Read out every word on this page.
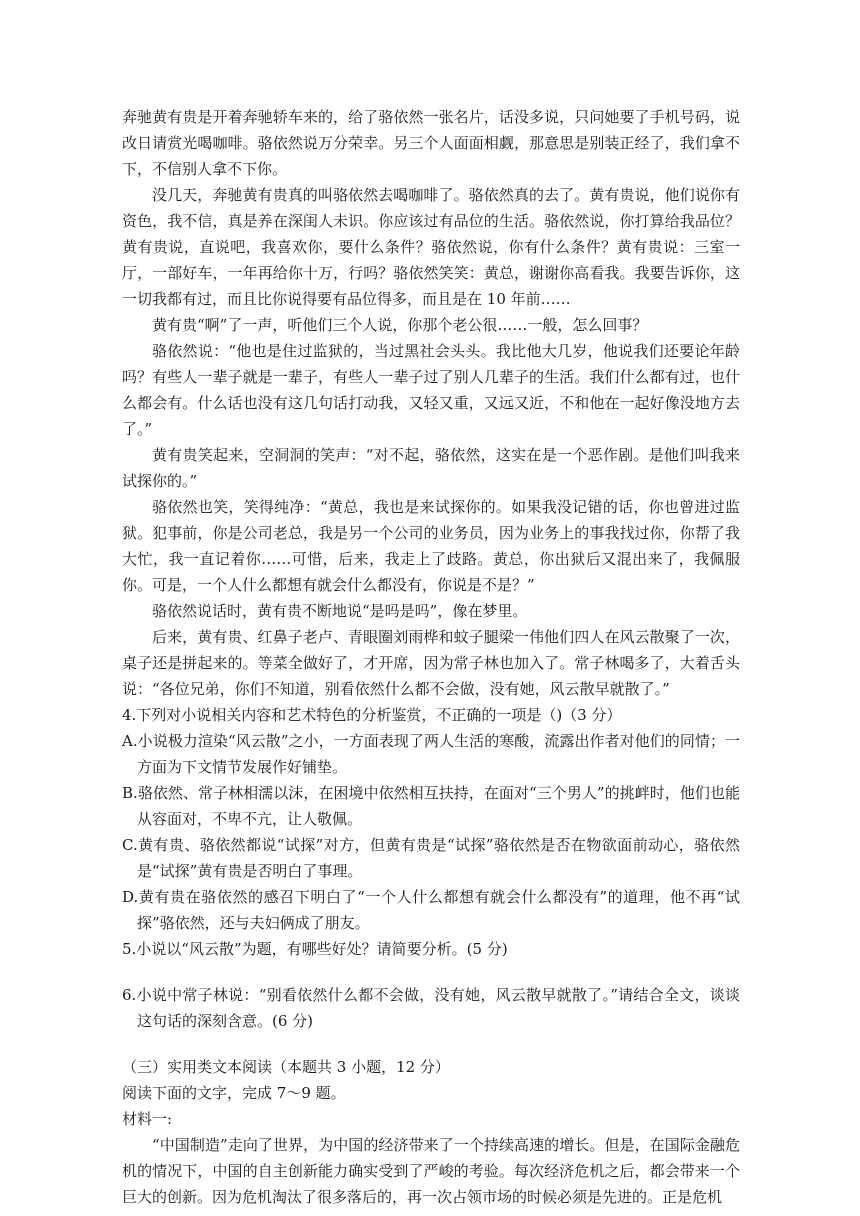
奔驰黄有贵是开着奔驰轿车来的，给了骆依然一张名片，话没多说，只问她要了手机号码，说改日请赏光喝咖啡。骆依然说万分荣幸。另三个人面面相觑，那意思是别装正经了，我们拿不下，不信别人拿不下你。

没几天，奔驰黄有贵真的叫骆依然去喝咖啡了。骆依然真的去了。黄有贵说，他们说你有资色，我不信，真是养在深闺人未识。你应该过有品位的生活。骆依然说，你打算给我品位？黄有贵说，直说吧，我喜欢你，要什么条件？骆依然说，你有什么条件？黄有贵说：三室一厅，一部好车，一年再给你十万，行吗？骆依然笑笑：黄总，谢谢你高看我。我要告诉你，这一切我都有过，而且比你说得要有品位得多，而且是在 10 年前……

黄有贵“啊”了一声，听他们三个人说，你那个老公很……一般，怎么回事？

骆依然说：“他也是住过监狱的，当过黑社会头头。我比他大几岁，他说我们还要论年龄吗？有些人一辈子就是一辈子，有些人一辈子过了别人几辈子的生活。我们什么都有过，也什么都会有。什么话也没有这几句话打动我，又轻又重，又远又近，不和他在一起好像没地方去了。”

黄有贵笑起来，空洞洞的笑声：“对不起，骆依然，这实在是一个恶作剧。是他们叫我来试探你的。”

骆依然也笑，笑得纯净：“黄总，我也是来试探你的。如果我没记错的话，你也曾进过监狱。犯事前，你是公司老总，我是另一个公司的业务员，因为业务上的事我找过你，你帮了我大忙，我一直记着你……可惜，后来，我走上了歧路。黄总，你出狱后又混出来了，我佩服你。可是，一个人什么都想有就会什么都没有，你说是不是？”

骆依然说话时，黄有贵不断地说“是吗是吗”，像在梦里。

后来，黄有贵、红鼻子老卢、青眼圈刘雨桦和蚊子腿梁一伟他们四人在风云散聚了一次，桌子还是拼起来的。等菜全做好了，才开席，因为常子林也加入了。常子林喝多了，大着舌头说：“各位兄弟，你们不知道，别看依然什么都不会做，没有她，风云散早就散了。”

4.下列对小说相关内容和艺术特色的分析鉴赏，不正确的一项是（)（3 分）

A.小说极力渲染“风云散”之小，一方面表现了两人生活的寒酸，流露出作者对他们的同情；一方面为下文情节发展作好铺垫。

B.骆依然、常子林相濡以沫，在困境中依然相互扶持，在面对“三个男人”的挑衅时，他们也能从容面对，不卑不亢，让人敬佩。

C.黄有贵、骆依然都说“试探”对方，但黄有贵是“试探”骆依然是否在物欲面前动心，骆依然是“试探”黄有贵是否明白了事理。

D.黄有贵在骆依然的感召下明白了“一个人什么都想有就会什么都没有”的道理，他不再“试探”骆依然，还与夫妇俩成了朋友。

5.小说以“风云散”为题，有哪些好处？请简要分析。(5 分)

6.小说中常子林说：“别看依然什么都不会做，没有她，风云散早就散了。”请结合全文，谈谈这句话的深刻含意。(6 分)

（三）实用类文本阅读（本题共 3 小题，12 分）

阅读下面的文字，完成 7～9 题。

材料一:

“中国制造”走向了世界，为中国的经济带来了一个持续高速的增长。但是，在国际金融危机的情况下，中国的自主创新能力确实受到了严峻的考验。每次经济危机之后，都会带来一个巨大的创新。因为危机淘汰了很多落后的，再一次占领市场的时候必须是先进的。正是危机
